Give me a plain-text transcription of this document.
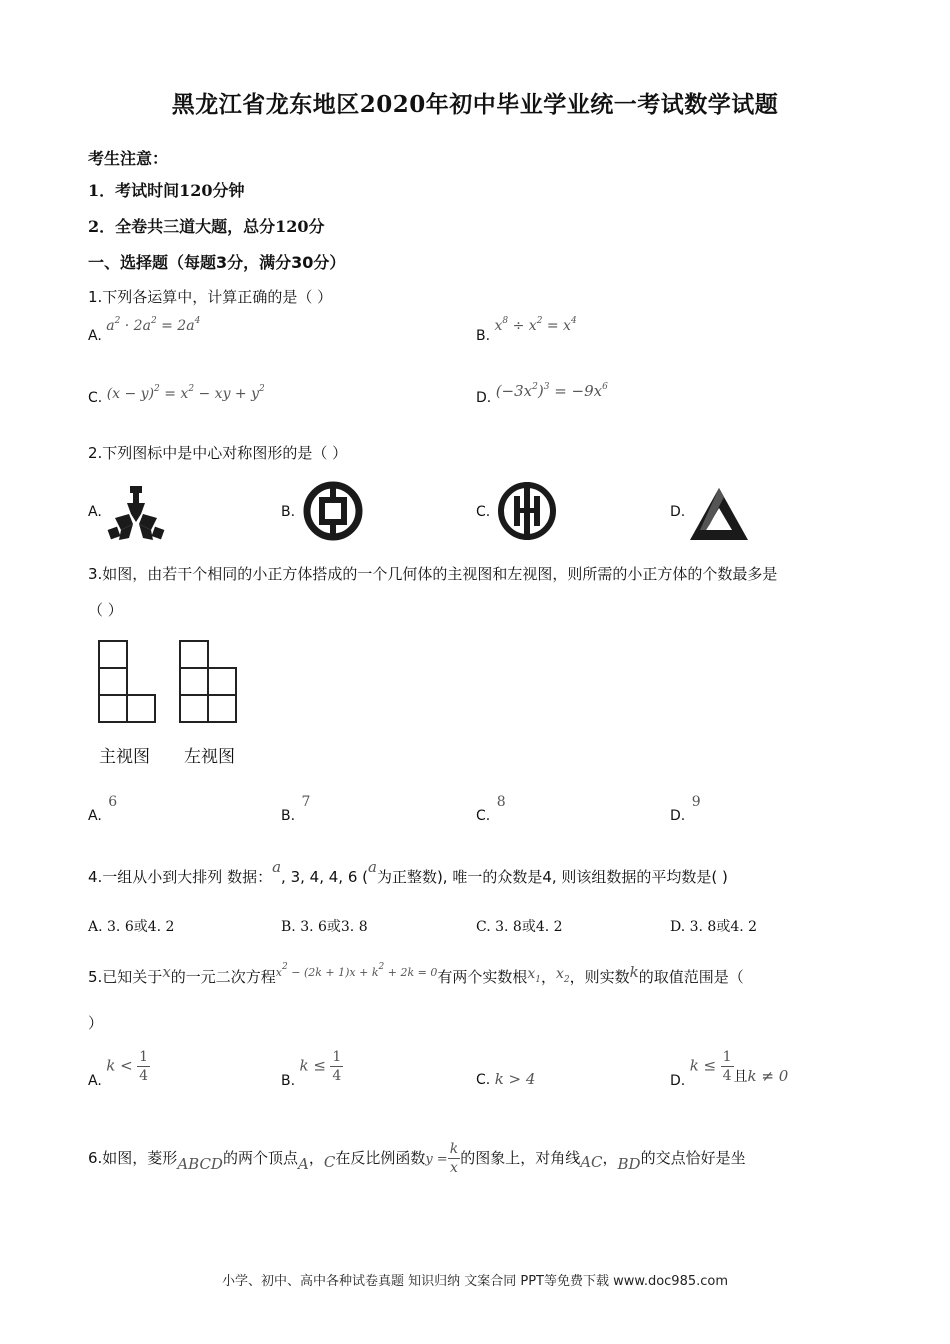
黑龙江省龙东地区2020年初中毕业学业统一考试数学试题
考生注意：
1．考试时间120分钟
2．全卷共三道大题，总分120分
一、选择题（每题3分，满分30分）
1.下列各运算中，计算正确的是（ ）
A. $a^2 \cdot 2a^2 = 2a^4$
B. $x^8 \div x^2 = x^4$
C. $(x - y)^2 = x^2$ − xy + $y^2$
D. $(-3x^2)^3 = -9x^6$
2.下列图标中是中心对称图形的是（ ）
A.	B.	C.	D.
3.如图，由若干个相同的小正方体搭成的一个几何体的主视图和左视图，则所需的小正方体的个数最多是
（ ）
主视图 左视图
A. 6
B. 7
C. 8
D. 9
4.一组从小到大排列 数据：a, 3, 4, 4, 6 (a为正整数), 唯一的众数是4, 则该组数据的平均数是( )
A. 3. 6或4. 2	B. 3. 6或3. 8	C. 3. 8或4. 2	D. 3. 8或4. 2
5.已知关于x的一元二次方程$^{x^2 - (2k + 1)x + k^2 + 2k = 0}$有两个实数根$x_1$，$x_2$，则实数k的取值范围是（
）
A. $k < \frac{1}{4}$	B. $k \le \frac{1}{4}$	C. k > 4	D. $k \le \frac{1}{4}$ 且k ≠ 0
6.如图，菱形ABCD的两个顶点A，C在反比例函数$y = \frac{k}{x}$ 的图象上，对角线AC，BD的交点恰好是坐
小学、初中、高中各种试卷真题 知识归纳 文案合同 PPT等免费下载 www.doc985.com
